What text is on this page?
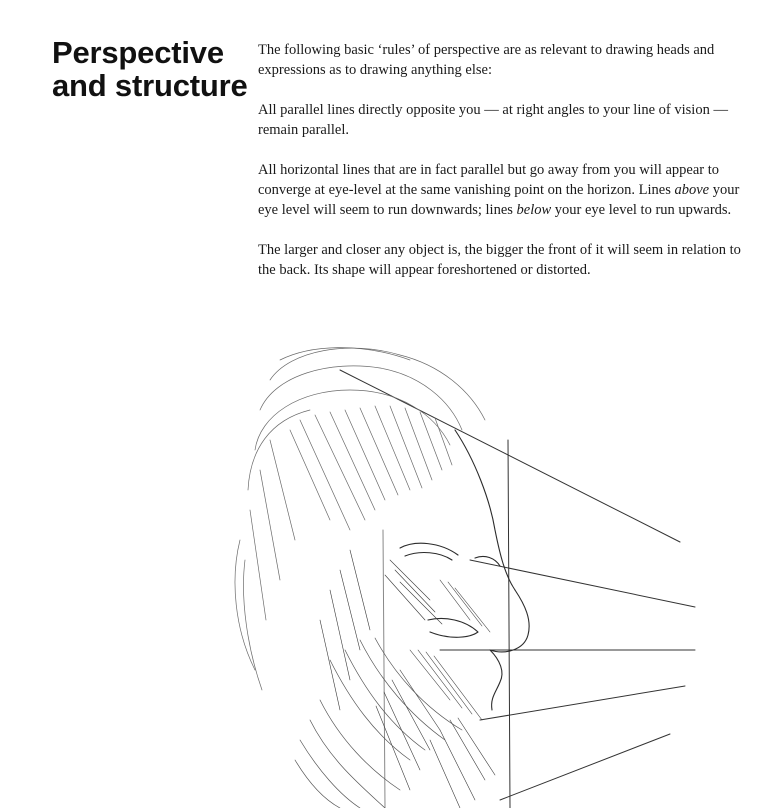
Perspective
and structure

The following basic ‘rules’ of perspective are as relevant to drawing heads and expressions as to drawing anything else:

All parallel lines directly opposite you — at right angles to your line of vision — remain parallel.

All horizontal lines that are in fact parallel but go away from you will appear to converge at eye-level at the same vanishing point on the horizon. Lines above your eye level will seem to run downwards; lines below your eye level to run upwards.

The larger and closer any object is, the bigger the front of it will seem in relation to the back. Its shape will appear foreshortened or distorted.
